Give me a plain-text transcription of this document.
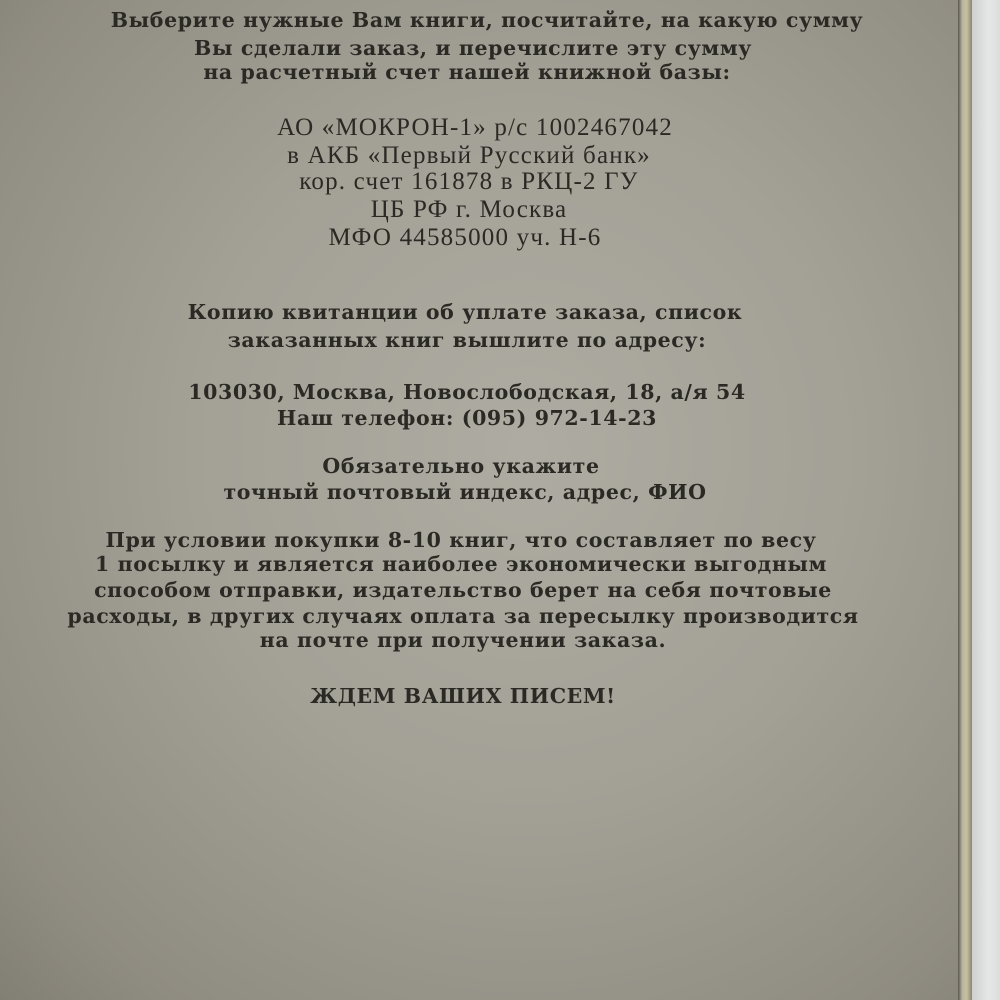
Выберите нужные Вам книги, посчитайте, на какую сумму

Вы сделали заказ, и перечислите эту сумму

на расчетный счет нашей книжной базы:

АО «МОКРОН-1» р/с 1002467042

в АКБ «Первый Русский банк»

кор. счет 161878 в РКЦ-2 ГУ

ЦБ РФ г. Москва

МФО 44585000 уч. Н-6

Копию квитанции об уплате заказа, список

заказанных книг вышлите по адресу:

103030, Москва, Новослободская, 18, а/я 54

Наш телефон: (095) 972-14-23

Обязательно укажите

точный почтовый индекс, адрес, ФИО

При условии покупки 8-10 книг, что составляет по весу

1 посылку и является наиболее экономически выгодным

способом отправки, издательство берет на себя почтовые

расходы, в других случаях оплата за пересылку производится

на почте при получении заказа.

ЖДЕМ ВАШИХ ПИСЕМ!
